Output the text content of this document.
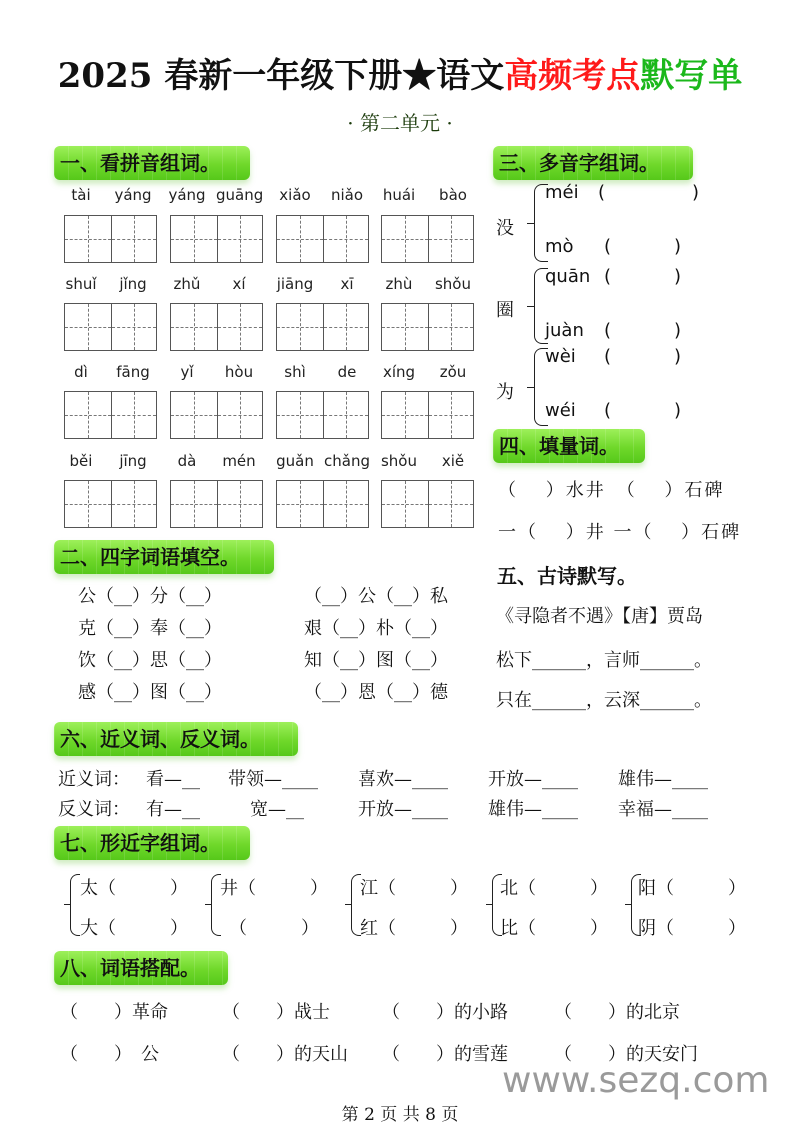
2025 春新一年级下册★语文高频考点默写单
· 第二单元 ·
一、看拼音组词。
tài	yáng yáng guāng	xiǎo	niǎo	huái	bào
shuǐ	jǐng	zhǔ	xí	jiāng	xī	zhù	shǒu
dì	fāng	yǐ	hòu	shì	de	xíng	zǒu
běi	jīng	dà	mén	guǎn chǎng shǒu	xiě
二、四字词语填空。
公（__）分（__）
克（__）奉（__）
饮（__）思（__）
感（__）图（__）
（__）公（__）私
艰（__）朴（__）
知（__）图（__）
（__）恩（__）德
三、多音字组词。
没
méi (	)
mò (	)
圈
quān (	)
juàn (	)
为
wèi (	)
wéi (	)
四、填量词。
（　 ）水井　（　 ）石碑
一（　 ）井 一（　 ）石碑
五、古诗默写。
《寻隐者不遇》【唐】贾岛
松下______，言师______。
只在______，云深______。
六、近义词、反义词。
近义词： 看—__ 带领—____ 喜欢—____ 开放—____ 雄伟—____
反义词： 有—__	宽—__	开放—____ 雄伟—____ 幸福—____
七、形近字组词。
太（　　　）
大（　　　）
井（　　　）
　（　　　）
江（　　　）
红（　　　）
北（　　　）
比（　　　）
阳（　　　）
阴（　　　）
八、词语搭配。
（　　）革命	（　　）战士	（　　）的小路	（　　）的北京
（　　）　公	（　　）的天山 （　　）的雪莲	（　　）的天安门
www.sezq.com
第 2 页 共 8 页
